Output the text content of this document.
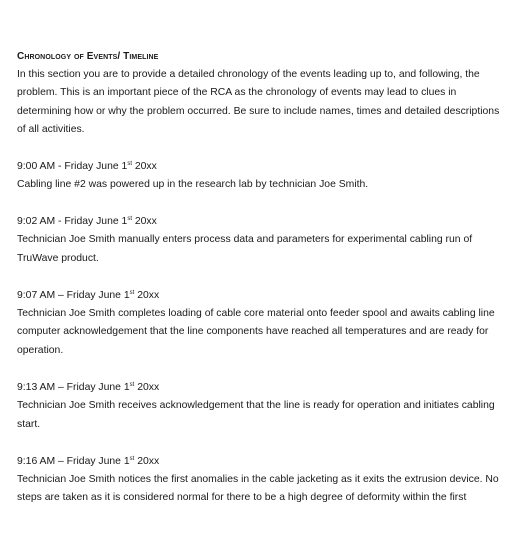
Chronology of Events/ Timeline

In this section you are to provide a detailed chronology of the events leading up to, and following, the problem. This is an important piece of the RCA as the chronology of events may lead to clues in determining how or why the problem occurred. Be sure to include names, times and detailed descriptions of all activities.

9:00 AM - Friday June 1st 20xx

Cabling line #2 was powered up in the research lab by technician Joe Smith.

9:02 AM - Friday June 1st 20xx

Technician Joe Smith manually enters process data and parameters for experimental cabling run of TruWave product.

9:07 AM – Friday June 1st 20xx

Technician Joe Smith completes loading of cable core material onto feeder spool and awaits cabling line computer acknowledgement that the line components have reached all temperatures and are ready for operation.

9:13 AM – Friday June 1st 20xx

Technician Joe Smith receives acknowledgement that the line is ready for operation and initiates cabling start.

9:16 AM – Friday June 1st 20xx

Technician Joe Smith notices the first anomalies in the cable jacketing as it exits the extrusion device. No steps are taken as it is considered normal for there to be a high degree of deformity within the first
